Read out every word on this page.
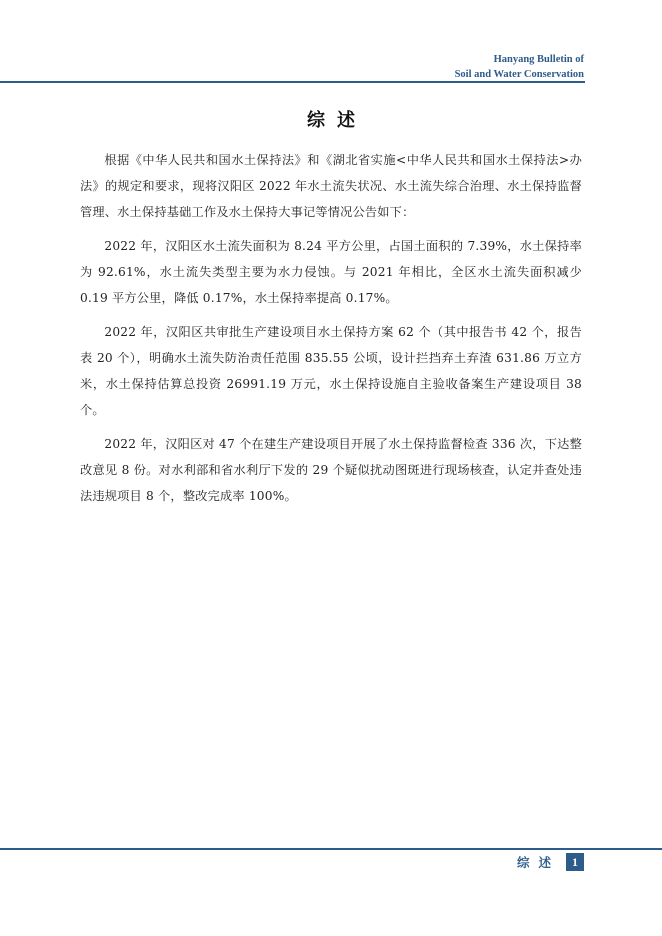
Hanyang Bulletin of
Soil and Water Conservation
综述

根据《中华人民共和国水土保持法》和《湖北省实施<中华人民共和国水土保持法>办法》的规定和要求，现将汉阳区 2022 年水土流失状况、水土流失综合治理、水土保持监督管理、水土保持基础工作及水土保持大事记等情况公告如下：

2022 年，汉阳区水土流失面积为 8.24 平方公里，占国土面积的 7.39%，水土保持率为 92.61%，水土流失类型主要为水力侵蚀。与 2021 年相比，全区水土流失面积减少 0.19 平方公里，降低 0.17%，水土保持率提高 0.17%。

2022 年，汉阳区共审批生产建设项目水土保持方案 62 个（其中报告书 42 个，报告表 20 个），明确水土流失防治责任范围 835.55 公顷，设计拦挡弃土弃渣 631.86 万立方米，水土保持估算总投资 26991.19 万元，水土保持设施自主验收备案生产建设项目 38 个。

2022 年，汉阳区对 47 个在建生产建设项目开展了水土保持监督检查 336 次，下达整改意见 8 份。对水利部和省水利厅下发的 29 个疑似扰动图斑进行现场核查，认定并查处违法违规项目 8 个，整改完成率 100%。

综述	1
